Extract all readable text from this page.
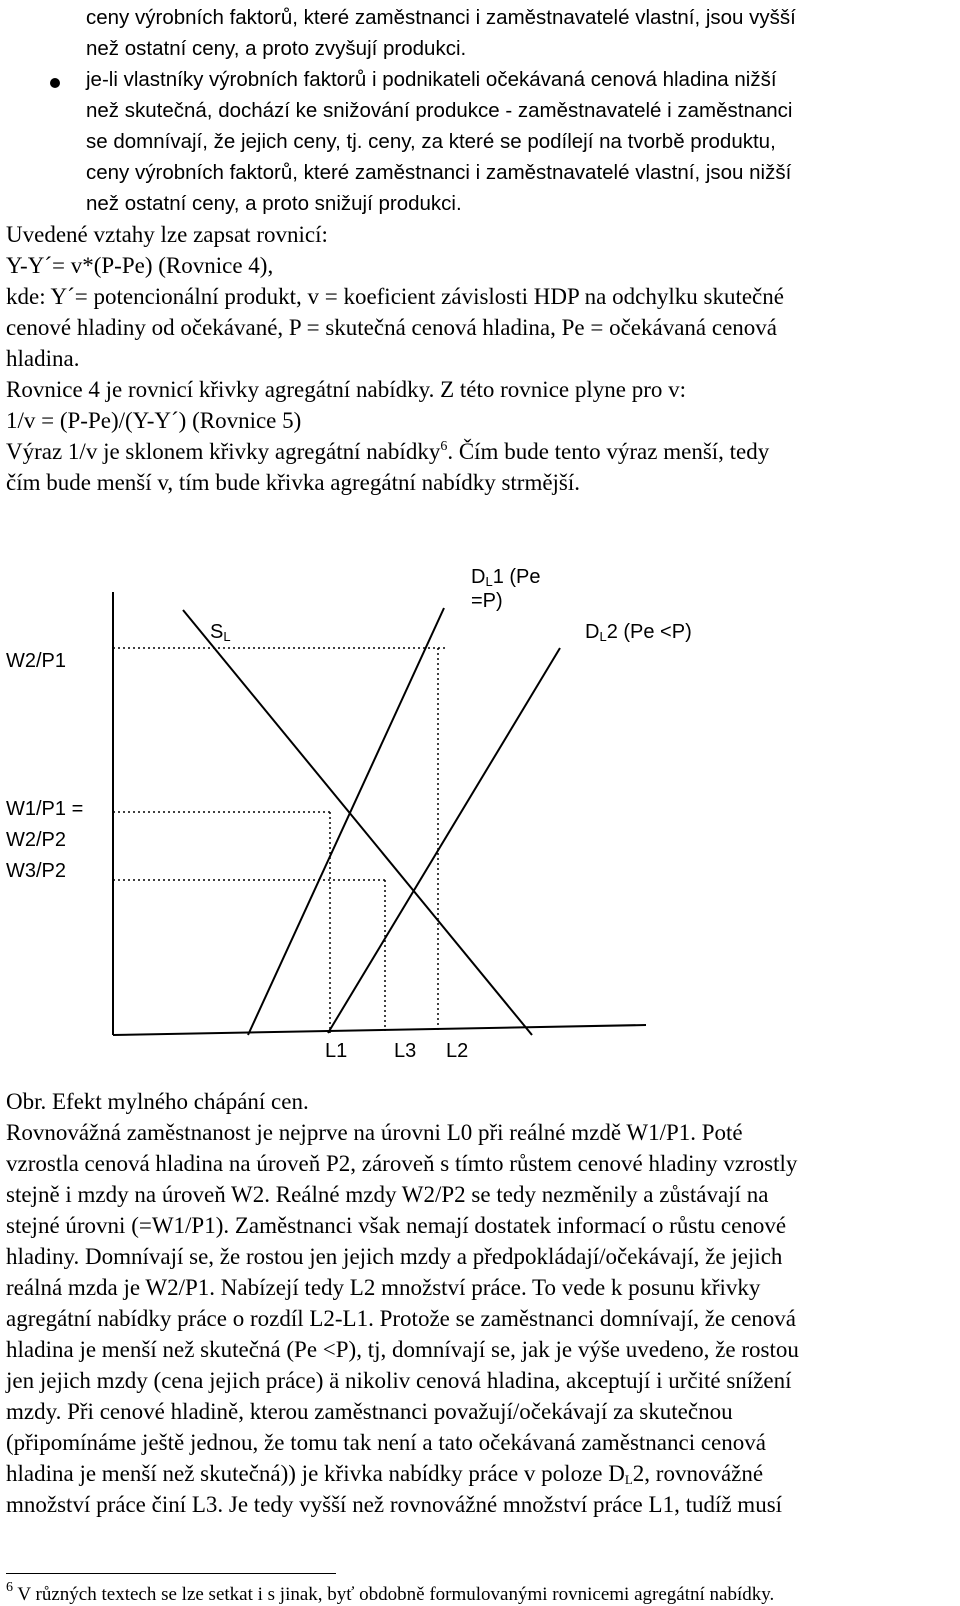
ceny výrobních faktorů, které zaměstnanci i zaměstnavatelé vlastní, jsou vyšší
než ostatní ceny, a proto zvyšují produkci.
je-li vlastníky výrobních faktorů i podnikateli očekávaná cenová hladina nižší
než skutečná, dochází ke snižování produkce - zaměstnavatelé i zaměstnanci
se domnívají, že jejich ceny, tj. ceny, za které se podílejí na tvorbě produktu,
ceny výrobních faktorů, které zaměstnanci i zaměstnavatelé vlastní, jsou nižší
než ostatní ceny, a proto snižují produkci.
Uvedené vztahy lze zapsat rovnicí:
Y-Y´= v*(P-Pe) (Rovnice 4),
kde: Y´= potencionální produkt, v = koeficient závislosti HDP na odchylku skutečné
cenové hladiny od očekávané, P = skutečná cenová hladina, Pe = očekávaná cenová
hladina.
Rovnice 4 je rovnicí křivky agregátní nabídky. Z této rovnice plyne pro v:
1/v = (P-Pe)/(Y-Y´) (Rovnice 5)
Výraz 1/v je sklonem křivky agregátní nabídky$^6$. Čím bude tento výraz menší, tedy
čím bude menší v, tím bude křivka agregátní nabídky strmější.
W2/P1
W1/P1 =
W2/P2
W3/P2
$S_L$
$D_L1$ (Pe
=P)
$D_L2$ (Pe <P)
L1 L3 L2
Obr. Efekt mylného chápání cen.
Rovnovážná zaměstnanost je nejprve na úrovni L0 při reálné mzdě W1/P1. Poté
vzrostla cenová hladina na úroveň P2, zároveň s tímto růstem cenové hladiny vzrostly
stejně i mzdy na úroveň W2. Reálné mzdy W2/P2 se tedy nezměnily a zůstávají na
stejné úrovni (=W1/P1). Zaměstnanci však nemají dostatek informací o růstu cenové
hladiny. Domnívají se, že rostou jen jejich mzdy a předpokládají/očekávají, že jejich
reálná mzda je W2/P1. Nabízejí tedy L2 množství práce. To vede k posunu křivky
agregátní nabídky práce o rozdíl L2-L1. Protože se zaměstnanci domnívají, že cenová
hladina je menší než skutečná (Pe <P), tj, domnívají se, jak je výše uvedeno, že rostou
jen jejich mzdy (cena jejich práce) ä nikoliv cenová hladina, akceptují i určité snížení
mzdy. Při cenové hladině, kterou zaměstnanci považují/očekávají za skutečnou
(připomínáme ještě jednou, že tomu tak není a tato očekávaná zaměstnanci cenová
hladina je menší než skutečná)) je křivka nabídky práce v poloze $D_L2$, rovnovážné
množství práce činí L3. Je tedy vyšší než rovnovážné množství práce L1, tudíž musí
$^6$ V různých textech se lze setkat i s jinak, byť obdobně formulovanými rovnicemi agregátní nabídky.
